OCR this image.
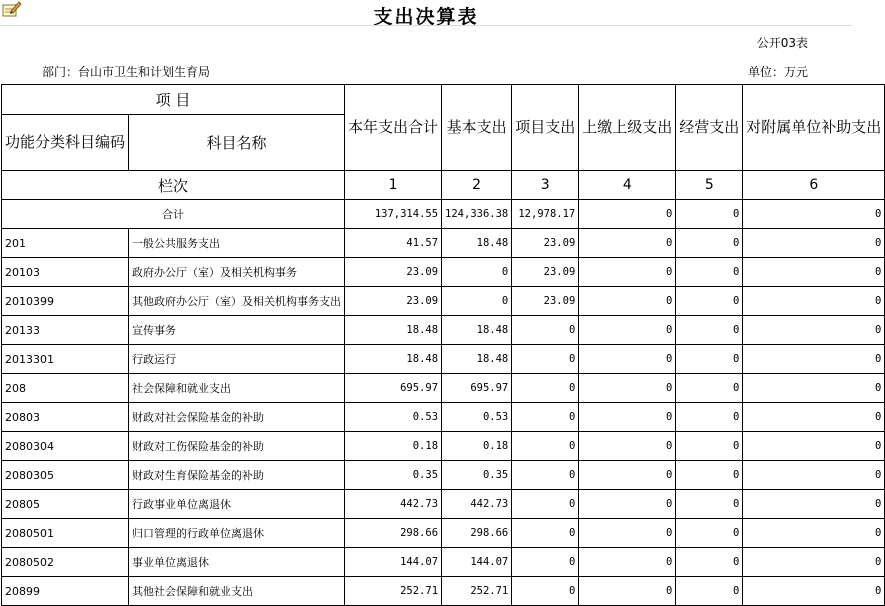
支出决算表
公开03表
部门：台山市卫生和计划生育局	单位：万元
项 目		本年支出合计	基本支出	项目支出	上缴上级支出	经营支出	对附属单位补助支出
功能分类科目编码	科目名称						
栏次		1	2	3	4	5	6
合计		137,314.55	124,336.38	12,978.17	0	0	0
201	一般公共服务支出	41.57	18.48	23.09	0	0	0
20103	政府办公厅（室）及相关机构事务	23.09	0	23.09	0	0	0
2010399	其他政府办公厅（室）及相关机构事务支出	23.09	0	23.09	0	0	0
20133	宣传事务	18.48	18.48	0	0	0	0
2013301	行政运行	18.48	18.48	0	0	0	0
208	社会保障和就业支出	695.97	695.97	0	0	0	0
20803	财政对社会保险基金的补助	0.53	0.53	0	0	0	0
2080304	财政对工伤保险基金的补助	0.18	0.18	0	0	0	0
2080305	财政对生育保险基金的补助	0.35	0.35	0	0	0	0
20805	行政事业单位离退休	442.73	442.73	0	0	0	0
2080501	归口管理的行政单位离退休	298.66	298.66	0	0	0	0
2080502	事业单位离退休	144.07	144.07	0	0	0	0
20899	其他社会保障和就业支出	252.71	252.71	0	0	0	0
